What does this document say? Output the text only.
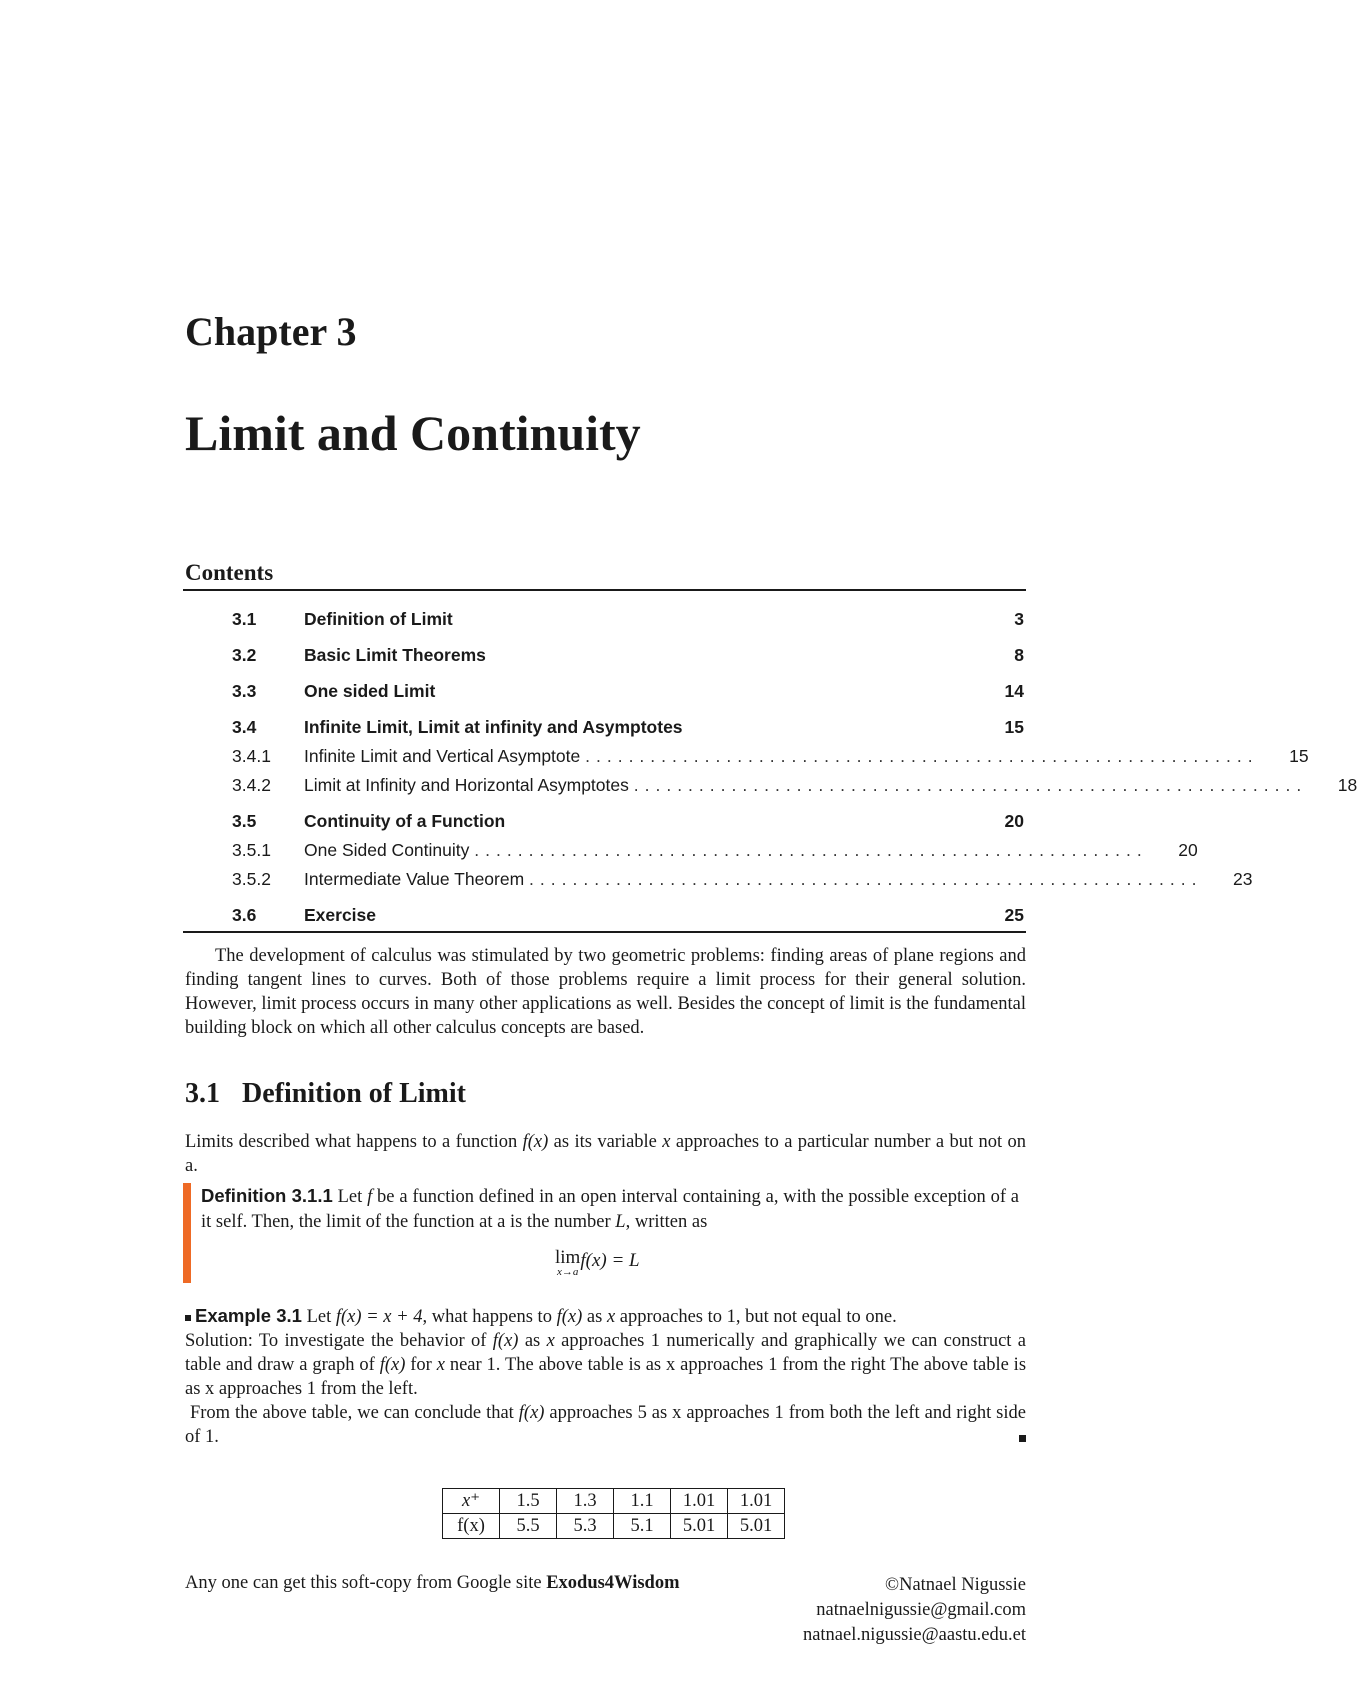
Chapter 3
Limit and Continuity
Contents
3.1	Definition of Limit	3
3.2	Basic Limit Theorems	8
3.3	One sided Limit	14
3.4	Infinite Limit, Limit at infinity and Asymptotes	15
3.4.1	Infinite Limit and Vertical Asymptote ..............................................................	15
3.4.2	Limit at Infinity and Horizontal Asymptotes ..............................................................	18
3.5	Continuity of a Function	20
3.5.1	One Sided Continuity ..............................................................	20
3.5.2	Intermediate Value Theorem ..............................................................	23
3.6	Exercise	25
The development of calculus was stimulated by two geometric problems: finding areas of plane regions and finding tangent lines to curves. Both of those problems require a limit process for their general solution. However, limit process occurs in many other applications as well. Besides the concept of limit is the fundamental building block on which all other calculus concepts are based.
3.1 Definition of Limit
Limits described what happens to a function f(x) as its variable x approaches to a particular number a but not on a.
Definition 3.1.1 Let f be a function defined in an open interval containing a, with the possible exception of a it self. Then, the limit of the function at a is the number L, written as
lim
x→a
f(x) = L
Example 3.1 Let f(x) = x + 4, what happens to f(x) as x approaches to 1, but not equal to one.
Solution: To investigate the behavior of f(x) as x approaches 1 numerically and graphically we can construct a table and draw a graph of f(x) for x near 1. The above table is as x approaches 1 from the right The above table is as x approaches 1 from the left.
From the above table, we can conclude that f(x) approaches 5 as x approaches 1 from both the left and right side of 1.
x⁺	1.5	1.3	1.1	1.01	1.01
f(x)	5.5	5.3	5.1	5.01	5.01
Any one can get this soft-copy from Google site Exodus4Wisdom	©Natnael Nigussie
natnaelnigussie@gmail.com
natnael.nigussie@aastu.edu.et
